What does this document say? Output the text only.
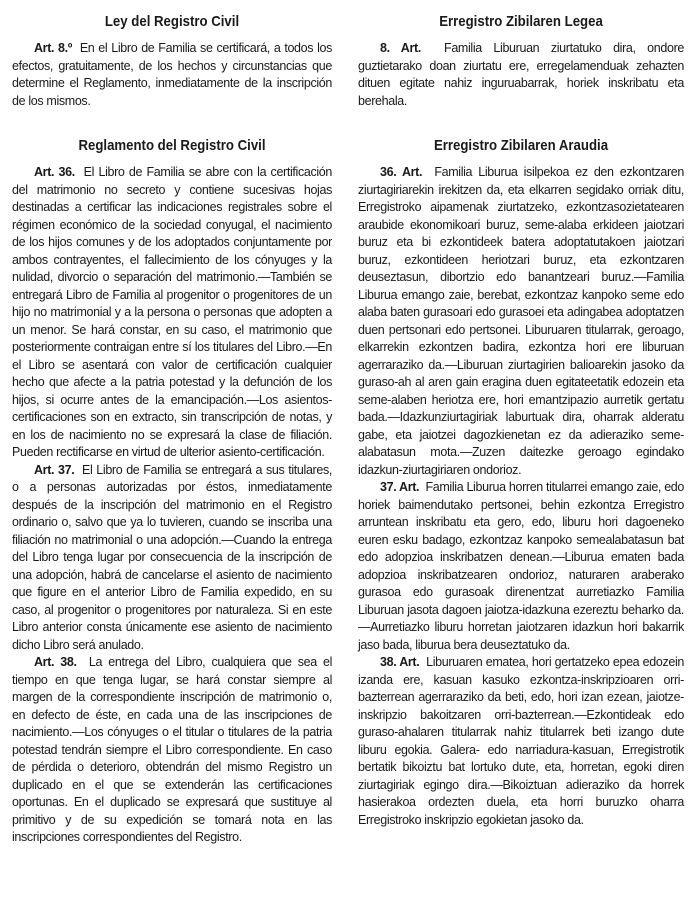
Ley del Registro Civil

Art. 8.º En el Libro de Familia se certificará, a todos los efectos, gratuitamente, de los hechos y circunstancias que determine el Reglamento, inmediatamente de la inscripción de los mismos.

Reglamento del Registro Civil

Art. 36. El Libro de Familia se abre con la certificación del matrimonio no secreto y contiene sucesivas hojas destinadas a certificar las indicaciones registrales sobre el régimen económico de la sociedad conyugal, el nacimiento de los hijos comunes y de los adoptados conjuntamente por ambos contrayentes, el fallecimiento de los cónyuges y la nulidad, divorcio o separación del matrimonio.—También se entregará Libro de Familia al progenitor o progenitores de un hijo no matrimonial y a la persona o personas que adopten a un menor. Se hará constar, en su caso, el matrimonio que posteriormente contraigan entre sí los titulares del Libro.—En el Libro se asentará con valor de certificación cualquier hecho que afecte a la patria potestad y la defunción de los hijos, si ocurre antes de la emancipación.—Los asientos-certificaciones son en extracto, sin transcripción de notas, y en los de nacimiento no se expresará la clase de filiación. Pueden rectificarse en virtud de ulterior asiento-certificación.

Art. 37. El Libro de Familia se entregará a sus titulares, o a personas autorizadas por éstos, inmediatamente después de la inscripción del matrimonio en el Registro ordinario o, salvo que ya lo tuvieren, cuando se inscriba una filiación no matrimonial o una adopción.—Cuando la entrega del Libro tenga lugar por consecuencia de la inscripción de una adopción, habrá de cancelarse el asiento de nacimiento que figure en el anterior Libro de Familia expedido, en su caso, al progenitor o progenitores por naturaleza. Si en este Libro anterior consta únicamente ese asiento de nacimiento dicho Libro será anulado.

Art. 38. La entrega del Libro, cualquiera que sea el tiempo en que tenga lugar, se hará constar siempre al margen de la correspondiente inscripción de matrimonio o, en defecto de éste, en cada una de las inscripciones de nacimiento.—Los cónyuges o el titular o titulares de la patria potestad tendrán siempre el Libro correspondiente. En caso de pérdida o deterioro, obtendrán del mismo Registro un duplicado en el que se extenderán las certificaciones oportunas. En el duplicado se expresará que sustituye al primitivo y de su expedición se tomará nota en las inscripciones correspondientes del Registro.

Erregistro Zibilaren Legea

8. Art. Familia Liburuan ziurtatuko dira, ondore guztietarako doan ziurtatu ere, erregelamenduak zehazten dituen egitate nahiz inguruabarrak, horiek inskribatu eta berehala.

Erregistro Zibilaren Araudia

36. Art. Familia Liburua isilpekoa ez den ezkontzaren ziurtagiriarekin irekitzen da, eta elkarren segidako orriak ditu, Erregistroko aipamenak ziurtatzeko, ezkontzasozietatearen araubide ekonomikoari buruz, seme-alaba erkideen jaiotzari buruz eta bi ezkontideek batera adoptatutakoen jaiotzari buruz, ezkontideen heriotzari buruz, eta ezkontzaren deuseztasun, dibortzio edo banantzeari buruz.—Familia Liburua emango zaie, berebat, ezkontzaz kanpoko seme edo alaba baten gurasoari edo gurasoei eta adingabea adoptatzen duen pertsonari edo pertsonei. Liburuaren titularrak, geroago, elkarrekin ezkontzen badira, ezkontza hori ere liburuan agerraraziko da.—Liburuan ziurtagirien balioarekin jasoko da guraso-ah al aren gain eragina duen egitateetatik edozein eta seme-alaben heriotza ere, hori emantzipazio aurretik gertatu bada.—Idazkunziurtagiriak laburtuak dira, oharrak alderatu gabe, eta jaiotzei dagozkienetan ez da adieraziko seme-alabatasun mota.—Zuzen daitezke geroago egindako idazkun-ziurtagiriaren ondorioz.

37. Art. Familia Liburua horren titularrei emango zaie, edo horiek baimendutako pertsonei, behin ezkontza Erregistro arruntean inskribatu eta gero, edo, liburu hori dagoeneko euren esku badago, ezkontzaz kanpoko semealabatasun bat edo adopzioa inskribatzen denean.—Liburua ematen bada adopzioa inskribatzearen ondorioz, naturaren araberako gurasoa edo gurasoak direnentzat aurretiazko Familia Liburuan jasota dagoen jaiotza-idazkuna ezereztu beharko da.—Aurretiazko liburu horretan jaiotzaren idazkun hori bakarrik jaso bada, liburua bera deuseztatuko da.

38. Art. Liburuaren ematea, hori gertatzeko epea edozein izanda ere, kasuan kasuko ezkontza-inskripzioaren orri-bazterrean agerraraziko da beti, edo, hori izan ezean, jaiotze-inskripzio bakoitzaren orri-bazterrean.—Ezkontideak edo guraso-ahalaren titularrak nahiz titularrek beti izango dute liburu egokia. Galera- edo narriadura-kasuan, Erregistrotik bertatik bikoiztu bat lortuko dute, eta, horretan, egoki diren ziurtagiriak egingo dira.—Bikoiztuan adieraziko da horrek hasierakoa ordezten duela, eta horri buruzko oharra Erregistroko inskripzio egokietan jasoko da.
